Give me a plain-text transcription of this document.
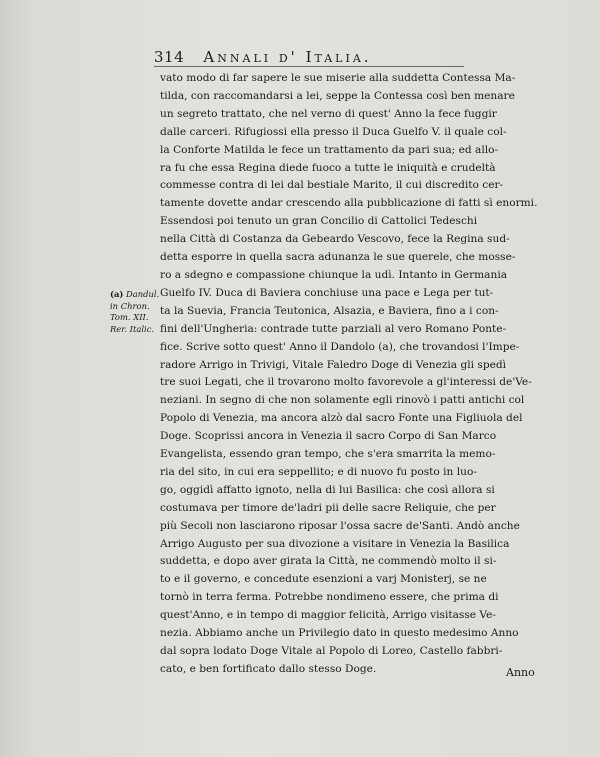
314 Annali d' Italia.
vato modo di far sapere le sue miserie alla suddetta Contessa Ma-
tilda, con raccomandarsi a lei, seppe la Contessa così ben menare
un segreto trattato, che nel verno di quest' Anno la fece fuggir
dalle carceri. Rifugiossi ella presso il Duca Guelfo V. il quale col-
la Conforte Matilda le fece un trattamento da pari sua; ed allo-
ra fu che essa Regina diede fuoco a tutte le iniquità e crudeltà
commesse contra di lei dal bestiale Marito, il cui discredito cer-
tamente dovette andar crescendo alla pubblicazione di fatti sì enormi.
Essendosi poi tenuto un gran Concilio di Cattolici Tedeschi
nella Città di Costanza da Gebeardo Vescovo, fece la Regina sud-
detta esporre in quella sacra adunanza le sue querele, che mosse-
ro a sdegno e compassione chiunque la udì. Intanto in Germania
Guelfo IV. Duca di Baviera conchiuse una pace e Lega per tut-
ta la Suevia, Francia Teutonica, Alsazia, e Baviera, fino a i con-
fini dell'Ungheria: contrade tutte parziali al vero Romano Ponte-
fice. Scrive sotto quest' Anno il Dandolo (a), che trovandosi l'Impe-
radore Arrigo in Trivigi, Vitale Faledro Doge di Venezia gli spedì
tre suoi Legati, che il trovarono molto favorevole a gl'interessi de'Ve-
neziani. In segno di che non solamente egli rinovò i patti antichi col
Popolo di Venezia, ma ancora alzò dal sacro Fonte una Figliuola del
Doge. Scoprissi ancora in Venezia il sacro Corpo di San Marco
Evangelista, essendo gran tempo, che s'era smarrita la memo-
ria del sito, in cui era seppellito; e di nuovo fu posto in luo-
go, oggidì affatto ignoto, nella di lui Basilica: che così allora si
costumava per timore de'ladri pii delle sacre Reliquie, che per
più Secoli non lasciarono riposar l'ossa sacre de'Santi. Andò anche
Arrigo Augusto per sua divozione a visitare in Venezia la Basilica
suddetta, e dopo aver girata la Città, ne commendò molto il si-
to e il governo, e concedute esenzioni a varj Monisterj, se ne
tornò in terra ferma. Potrebbe nondimeno essere, che prima di
quest'Anno, e in tempo di maggior felicità, Arrigo visitasse Ve-
nezia. Abbiamo anche un Privilegio dato in questo medesimo Anno
dal sopra lodato Doge Vitale al Popolo di Loreo, Castello fabbri-
cato, e ben fortificato dallo stesso Doge.
(a) Dandul.
in Chron.
Tom. XII.
Rer. Italic.
Anno
